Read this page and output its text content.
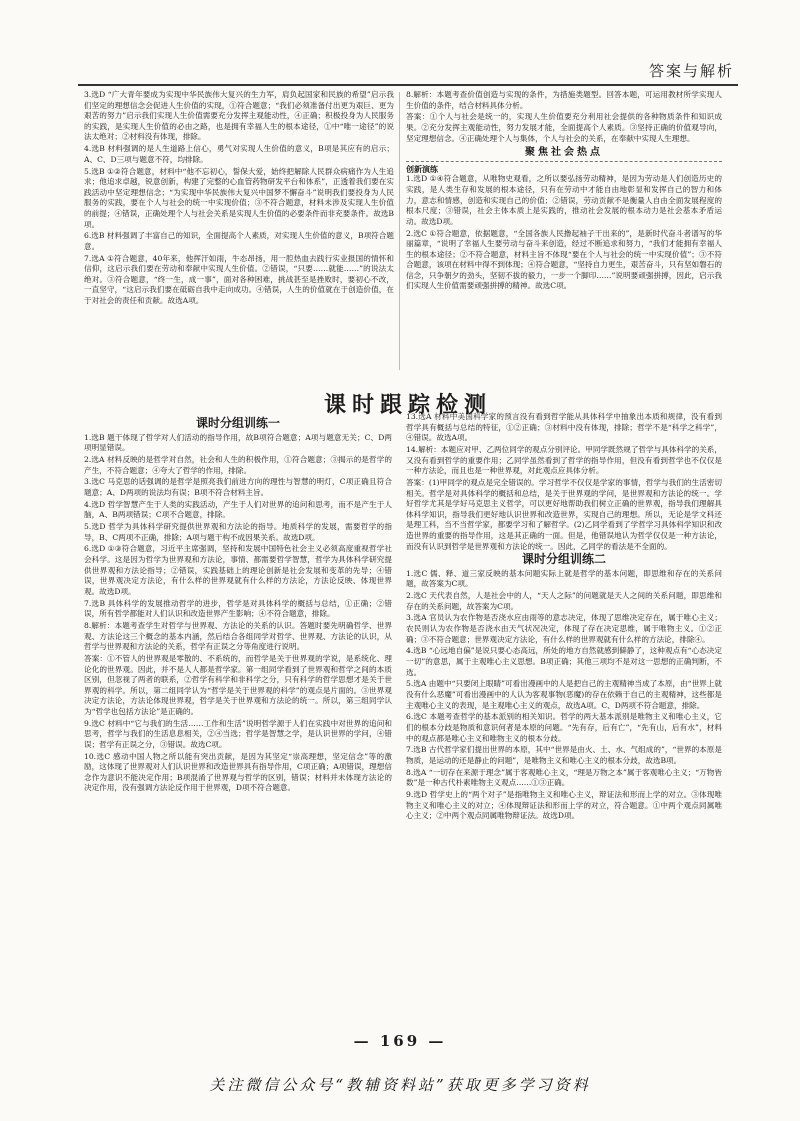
答案与解析

3.选D “广大青年要成为实现中华民族伟大复兴的生力军，肩负起国家和民族的希望”启示我们坚定的理想信念会促进人生价值的实现，①符合题意；“我们必须准备付出更为艰巨、更为艰苦的努力”启示我们实现人生价值需要充分发挥主观能动性，④正确；积极投身为人民服务的实践，是实现人生价值的必由之路，也是拥有幸福人生的根本途径，①中“唯一途径”的说法太绝对；②材料没有体现，排除。

4.选B 材料强调的是人生道路上信心，勇气对实现人生价值的意义，B项是其应有的启示；A、C、D三项与题意不符，均排除。

5.选B ①②符合题意，材料中“他不忘初心，誓保大爱，始终把解除人民群众病痛作为人生追求；他追求卓越，锐意创新，构建了完整的心血管药物研发平台和体系”，正透着我们要在实践活动中坚定理想信念；“为实现中华民族伟大复兴中国梦不懈奋斗”说明我们要投身为人民服务的实践，要在个人与社会的统一中实现价值；③不符合题意，材料未涉及实现人生价值的前提；④错误，正确处理个人与社会关系是实现人生价值的必要条件而非充要条件。故选B项。

6.选B 材料强调了丰富自己的知识，全面提高个人素质，对实现人生价值的意义，B项符合题意。

7.选A ①符合题意，40年来，他挥汗如雨，牛态昂扬，用一腔热血去践行实业报国的情怀和信仰，这启示我们要在劳动和奉献中实现人生价值。②错误，“只要……就能……”的说法太绝对。③符合题意，“终一生，成一事”，面对各种困难，挑战甚至是挫败时，要初心不改，一直坚守，“这启示我们要在砥砺自我中走向成功。④错误，人生的价值就在于创造价值，在于对社会的责任和贡献。故选A项。

8.解析：本题考查价值创造与实现的条件，为措施类题型。回答本题，可运用教材所学实现人生价值的条件，结合材料具体分析。

答案：①个人与社会是统一的，实现人生价值要充分利用社会提供的各种物质条件和知识成果。②充分发挥主观能动性，努力发展才能，全面提高个人素质。③坚持正确的价值观导向，坚定理想信念。④正确处理个人与集体，个人与社会的关系，在奉献中实现人生理想。

聚焦社会热点
创新演练

1.选D ①④符合题意，从唯物史观看，之所以要弘扬劳动精神，是因为劳动是人们创造历史的实践，是人类生存和发展的根本途径，只有在劳动中才能自由地彰显和发挥自己的智力和体力，意志和情感，创造和实现自己的价值；②错误，劳动贡献不是衡量人自由全面发展程度的根本尺度；③错误，社会主体本质上是实践的，推动社会发展的根本动力是社会基本矛盾运动。故选D项。

2.选C ①符合题意，依据题意，“全国各族人民撸起袖子干出来的”，是新时代奋斗者谱写的华丽篇章，“说明了幸福人生要劳动与奋斗来创造，经过不断追求和努力，“我们才能拥有幸福人生的根本途径；②不符合题意，材料主旨不体现“要在个人与社会的统一中实现价值”；③不符合题意，该项在材料中得不到体现；④符合题意，“坚持自力更生，艰苦奋斗，只有坚如磐石的信念，只争朝夕的劲头，坚韧不拔的毅力，一步一个脚印……”说明要顽强拼搏，因此，启示我们实现人生价值需要顽强拼搏的精神。故选C项。

课时跟踪检测
课时分组训练一

1.选B 题干体现了哲学对人们活动的指导作用，故B项符合题意；A项与题意无关；C、D两项明显错误。

2.选A 材料反映的是哲学对自然，社会和人生的积极作用，①符合题意；③揭示的是哲学的产生，不符合题意；④夸大了哲学的作用，排除。

3.选C 马克思的话强调的是哲学是照亮我们前进方向的理性与智慧的明灯，C项正确且符合题意；A、D两项的说法均有误；B项不符合材料主旨。

4.选D 哲学智慧产生于人类的实践活动，产生于人们对世界的追问和思考，而不是产生于人脑，A、B两项错误；C项不合题意，排除。

5.选D 哲学为具体科学研究提供世界观和方法论的指导。地质科学的发展，需要哲学的指导，B、C两项不正确，排除；A项与题干构不成因果关系。故选D项。

6.选D ①③符合题意，习近平主席强调，坚持和发展中国特色社会主义必须高度重视哲学社会科学。这是因为哲学为世界观和方法论，事情、都需要哲学智慧，哲学为具体科学研究提供世界观和方法论指导；②错误，实践基础上的理论创新是社会发展和变革的先导；④错误，世界观决定方法论，有什么样的世界观就有什么样的方法论，方法论反映、体现世界观。故选D项。

7.选B 具体科学的发展推动哲学的进步，哲学是对具体科学的概括与总结，①正确；②错误，所有哲学都能对人们认识和改造世界产生影响；④不符合题意，排除。

8.解析：本题考查学生对哲学与世界观、方法论的关系的认识。答题时要先明确哲学、世界观、方法论这三个概念的基本内涵，然后结合各组同学对哲学、世界观、方法论的认识，从哲学与世界观和方法论的关系，哲学有正误之分等角度进行说明。

答案：①不管人的世界观是零散的、不系统的，而哲学是关于世界观的学说，是系统化、理论化的世界观。因此，并不是人人都是哲学家。第一组同学看到了世界观和哲学之间的本质区别，但忽视了两者的联系，②哲学有科学和非科学之分，只有科学的哲学思想才是关于世界观的科学。所以，第二组同学认为“哲学是关于世界观的科学”的观点是片面的。③世界观决定方法论，方法论体现世界观，哲学是关于世界观和方法论的统一。所以，第三组同学认为“哲学也包括方法论”是正确的。

9.选C 材料中“它与我们的生活……工作和生活”说明哲学源于人们在实践中对世界的追问和思考，哲学与我们的生活息息相关，②④当选；哲学是智慧之学，是认识世界的学问，④错误；哲学有正误之分，③错误。故选C项。

10.选C 感动中国人物之所以能有突出贡献，是因为其坚定“崇高理想，坚定信念”等的激励，这体现了世界观对人们认识世界和改造世界具有指导作用，C项正确；A项错误，理想信念作为意识不能决定作用；B项混淆了世界观与哲学的区别，错误；材料并未体现方法论的决定作用，没有强调方法论反作用于世界观，D项不符合题意。

13.选A 材料中美国科学家的预言没有看到哲学能从具体科学中抽象出本质和规律，没有看到哲学具有概括与总结的特征，①②正确；③材料中没有体现，排除；哲学不是“科学之科学”，④错误。故选A项。

14.解析：本题应对甲、乙两位同学的观点分别评论。甲同学既然规了哲学与具体科学的关系，又没有看到哲学的重要作用；乙同学虽然看到了哲学的指导作用，但没有看到哲学也不仅仅是一种方法论，而且也是一种世界观，对此观点应具体分析。

答案：(1)甲同学的观点是完全错误的。学习哲学不仅仅是学家的事情，哲学与我们的生活密切相关。哲学是对具体科学的概括和总结，是关于世界观的学问，是世界观和方法论的统一。学好哲学尤其是学好马克思主义哲学，可以更好地帮助我们树立正确的世界观，指导我们理解具体科学知识，指导我们更好地认识世界和改造世界，实现自己的理想。所以，无论是学文科还是理工科，当不当哲学家，都要学习和了解哲学。(2)乙同学看到了学哲学习具体科学知识和改造世界的重要的指导作用，这是其正确的一面。但是，他错误地认为哲学仅仅是一种方法论，而没有认识到哲学是世界观和方法论的统一。因此，乙同学的看法是不全面的。

课时分组训练二

1.选C 儒、释、道三家反映的基本问题实际上就是哲学的基本问题，即思维和存在的关系问题，故答案为C项。

2.选C 天代表自然，人是社会中的人，“天人之际”的问题就是天人之间的关系问题，即思维和存在的关系问题，故答案为C项。

3.选A 官员认为农作物是否浇水应由雨等的意志决定，体现了思维决定存在，属于唯心主义；农民则认为农作物是否浇水由天气状况决定，体现了存在决定思维，属于唯物主义。①②正确；③不符合题意；世界观决定方法论，有什么样的世界观就有什么样的方法论，排除④。

4.选B “心远地自偏”是说只要心态高远，所处的地方自然就感到僻静了，这种观点有“心态决定一切”的意思，属于主观唯心主义思想。B项正确；其他三项均不是对这一思想的正确判断，不选。

5.选A 由题中“只要闭上眼睛”可看出漫画中的人是把自己的主观精神当成了本原，由“世界上就没有什么恶魔”可看出漫画中的人认为客观事物(恶魔)的存在依赖于自己的主观精神，这些都是主观唯心主义的表现，是主观唯心主义的观点，故选A项。C、D两项不符合题意，排除。

6.选C 本题考查哲学的基本派别的相关知识。哲学的两大基本派别是唯物主义和唯心主义，它们的根本分歧是物质和意识何者是本原的问题。“先有存，后有亡”，“先有山，后有水”，材料中的观点都是唯心主义和唯物主义的根本分歧。

7.选B 古代哲学家们提出世界的本原，其中“世界是由火、土、水、气组成的”，“世界的本原是物质，是运动的还是静止的问题”，是唯物主义和唯心主义的根本分歧，故选B项。

8.选A “一切存在来源于理念”属于客观唯心主义，“理是万物之本”属于客观唯心主义；“万物皆数”是一种古代朴素唯物主义观点……①③正确。

9.选D 哲学史上的“两个对子”是指唯物主义和唯心主义，辩证法和形而上学的对立。③体现唯物主义和唯心主义的对立；④体现辩证法和形而上学的对立，符合题意。①中两个观点同属唯心主义；②中两个观点同属唯物辩证法。故选D项。

— 169 —
关注微信公众号“教辅资料站”获取更多学习资料
